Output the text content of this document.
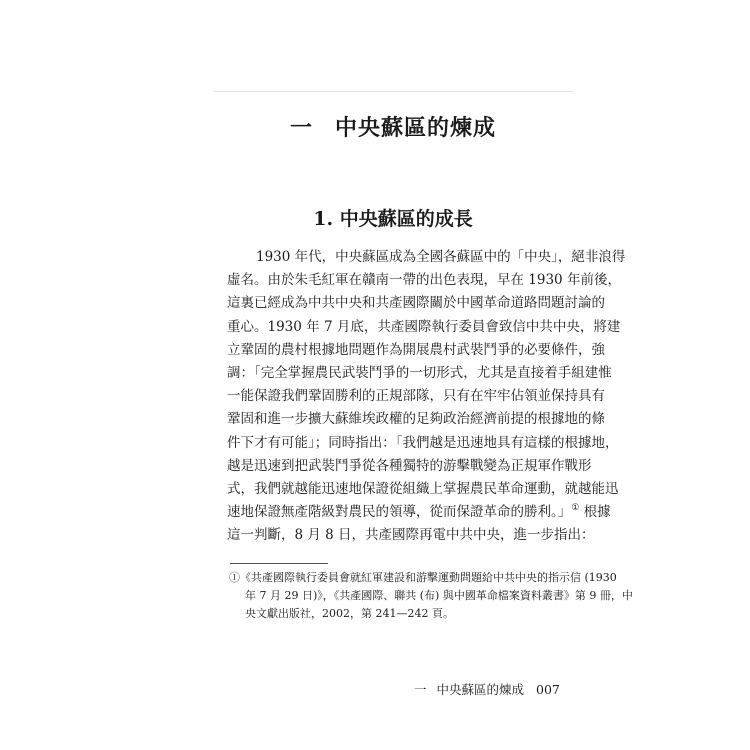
一 中央蘇區的煉成
1. 中央蘇區的成長
1930 年代，中央蘇區成為全國各蘇區中的「中央」，絕非浪得
虛名。由於朱毛紅軍在贛南一帶的出色表現，早在 1930 年前後，
這裏已經成為中共中央和共產國際關於中國革命道路問題討論的
重心。1930 年 7 月底，共產國際執行委員會致信中共中央，將建
立鞏固的農村根據地問題作為開展農村武裝鬥爭的必要條件，強
調：「完全掌握農民武裝鬥爭的一切形式，尤其是直接着手組建惟
一能保證我們鞏固勝利的正規部隊，只有在牢牢佔領並保持具有
鞏固和進一步擴大蘇維埃政權的足夠政治經濟前提的根據地的條
件下才有可能」；同時指出：「我們越是迅速地具有這樣的根據地，
越是迅速到把武裝鬥爭從各種獨特的游擊戰變為正規軍作戰形
式，我們就越能迅速地保證從組織上掌握農民革命運動，就越能迅
速地保證無產階級對農民的領導，從而保證革命的勝利。」① 根據
這一判斷，8 月 8 日，共產國際再電中共中央，進一步指出：
①《共產國際執行委員會就紅軍建設和游擊運動問題給中共中央的指示信 (1930
年 7 月 29 日)》，《共產國際、聯共 (布) 與中國革命檔案資料叢書》第 9 冊，中
央文獻出版社，2002，第 241—242 頁。
一 中央蘇區的煉成 007
